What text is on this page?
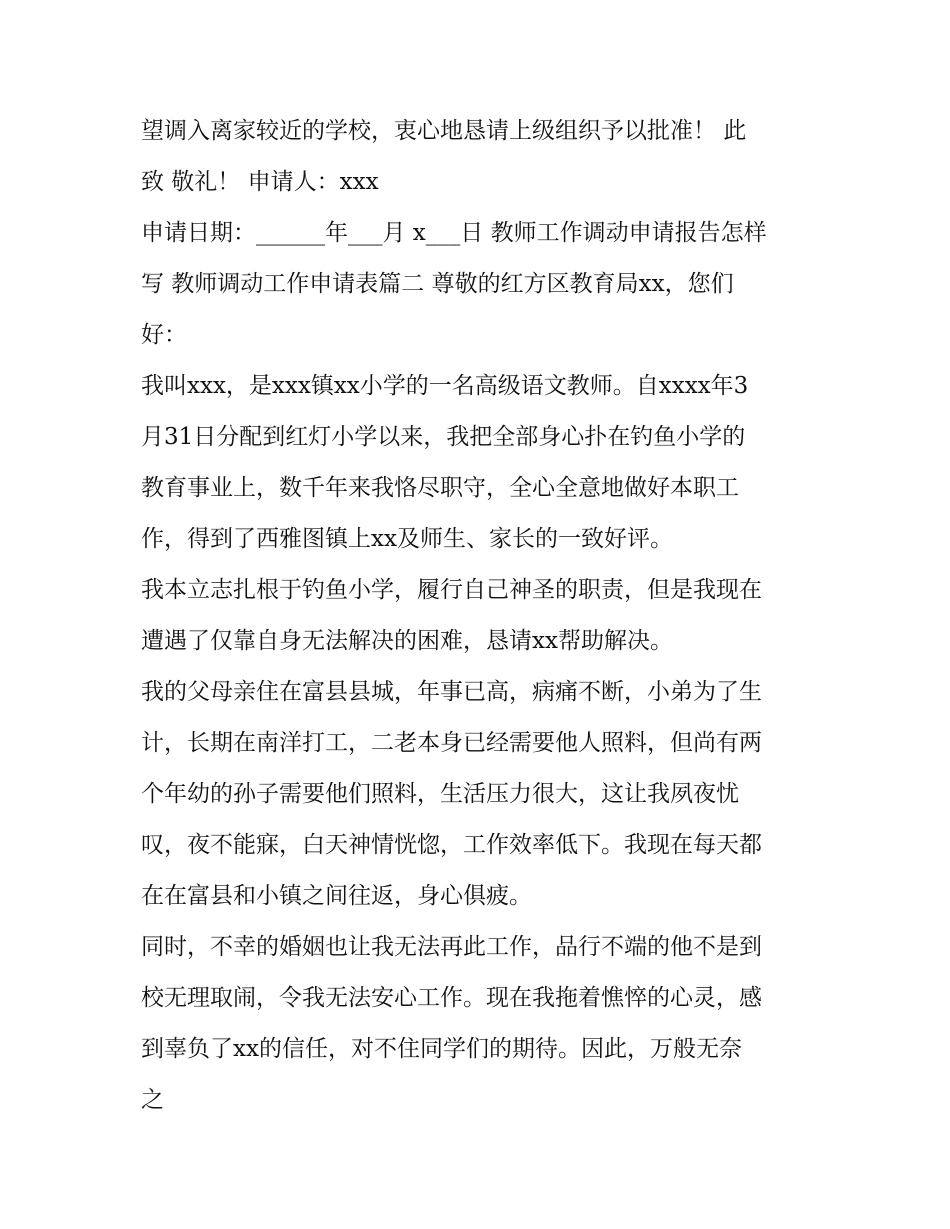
望调入离家较近的学校，衷心地恳请上级组织予以批准！ 此
致 敬礼！ 申请人：xxx
申请日期：______年___月 x___日 教师工作调动申请报告怎样
写 教师调动工作申请表篇二 尊敬的红方区教育局xx，您们
好：
我叫xxx，是xxx镇xx小学的一名高级语文教师。自xxxx年3
月31日分配到红灯小学以来，我把全部身心扑在钓鱼小学的
教育事业上，数千年来我恪尽职守，全心全意地做好本职工
作，得到了西雅图镇上xx及师生、家长的一致好评。
我本立志扎根于钓鱼小学，履行自己神圣的职责，但是我现在
遭遇了仅靠自身无法解决的困难，恳请xx帮助解决。
我的父母亲住在富县县城，年事已高，病痛不断，小弟为了生
计，长期在南洋打工，二老本身已经需要他人照料，但尚有两
个年幼的孙子需要他们照料，生活压力很大，这让我夙夜忧
叹，夜不能寐，白天神情恍惚，工作效率低下。我现在每天都
在在富县和小镇之间往返，身心俱疲。
同时，不幸的婚姻也让我无法再此工作，品行不端的他不是到
校无理取闹，令我无法安心工作。现在我拖着憔悴的心灵，感
到辜负了xx的信任，对不住同学们的期待。因此，万般无奈
之
